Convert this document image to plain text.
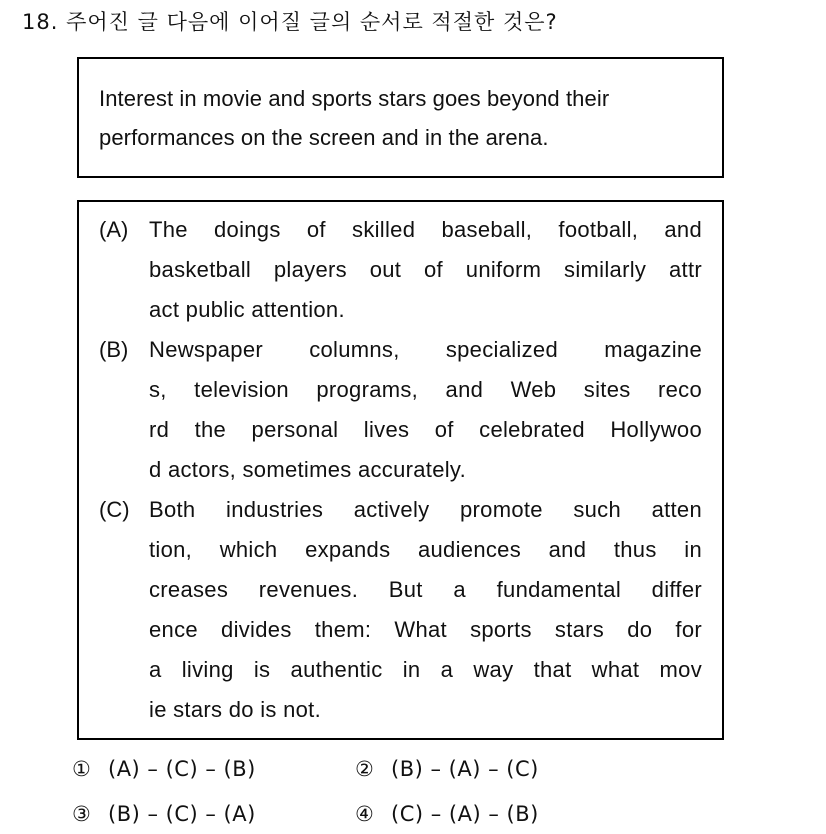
18. 주어진 글 다음에 이어질 글의 순서로 적절한 것은?
Interest in movie and sports stars goes beyond their
performances on the screen and in the arena.
(A) The doings of skilled baseball, football, and
basketball players out of uniform similarly attr
act public attention.
(B) Newspaper columns, specialized magazine
s, television programs, and Web sites reco
rd the personal lives of celebrated Hollywoo
d actors, sometimes accurately.
(C) Both industries actively promote such atten
tion, which expands audiences and thus in
creases revenues. But a fundamental differ
ence divides them: What sports stars do for
a living is authentic in a way that what mov
ie stars do is not.
① (A) – (C) – (B)	② (B) – (A) – (C)
③ (B) – (C) – (A)	④ (C) – (A) – (B)
